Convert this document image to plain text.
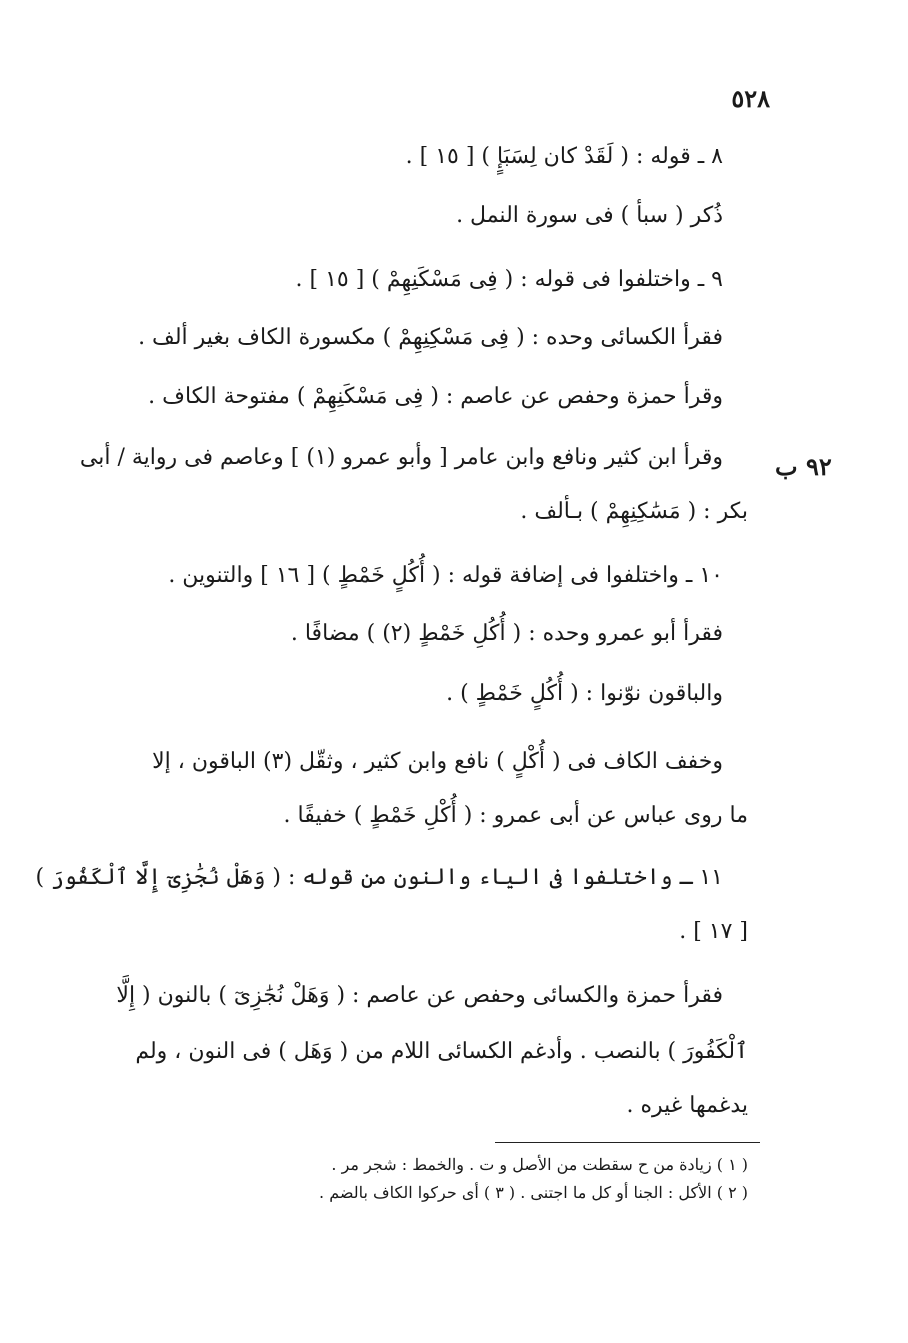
٥٢٨
٩٢ ب
٨ ـ قوله : ( لَقَدْ كان لِسَبَإٍ ) [ ١٥ ] .
ذُكر ( سبأ ) فى سورة النمل .
٩ ـ واختلفوا فى قوله : ( فِى مَسْكَنِهِمْ ) [ ١٥ ] .
فقرأ الكسائى وحده : ( فِى مَسْكِنِهِمْ ) مكسورة الكاف بغير ألف .
وقرأ حمزة وحفص عن عاصم : ( فِى مَسْكَنِهِمْ ) مفتوحة الكاف .
وقرأ ابن كثير ونافع وابن عامر [ وأبو عمرو (١) ] وعاصم فى رواية / أبى
بكر : ( مَسَٰكِنِهِمْ ) بـألف .
١٠ ـ واختلفوا فى إضافة قوله : ( أُكُلٍ خَمْطٍ ) [ ١٦ ] والتنوين .
فقرأ أبو عمرو وحده : ( أُكُلِ خَمْطٍ (٢) ) مضافًا .
والباقون نوّنوا : ( أُكُلٍ خَمْطٍ ) .
وخفف الكاف فى ( أُكْلٍ ) نافع وابن كثير ، وثقّل (٣) الباقون ، إلا
ما روى عباس عن أبى عمرو : ( أُكْلِ خَمْطٍ ) خفيفًا .
١١ ـ واختلفوا فى الياء والنون من قوله : ( وَهَلْ نُجَٰزِىٓ إِلَّا ٱلْكَفُورَ )
[ ١٧ ] .
فقرأ حمزة والكسائى وحفص عن عاصم : ( وَهَلْ نُجَٰزِىٓ ) بالنون ( إِلَّا
ٱلْكَفُورَ ) بالنصب . وأدغم الكسائى اللام من ( وَهَل ) فى النون ، ولم
يدغمها غيره .
( ١ ) زيادة من ح سقطت من الأصل و ت . والخمط : شجر مر .
( ٢ ) الأكل : الجنا أو كل ما اجتنى . ( ٣ ) أى حركوا الكاف بالضم .
